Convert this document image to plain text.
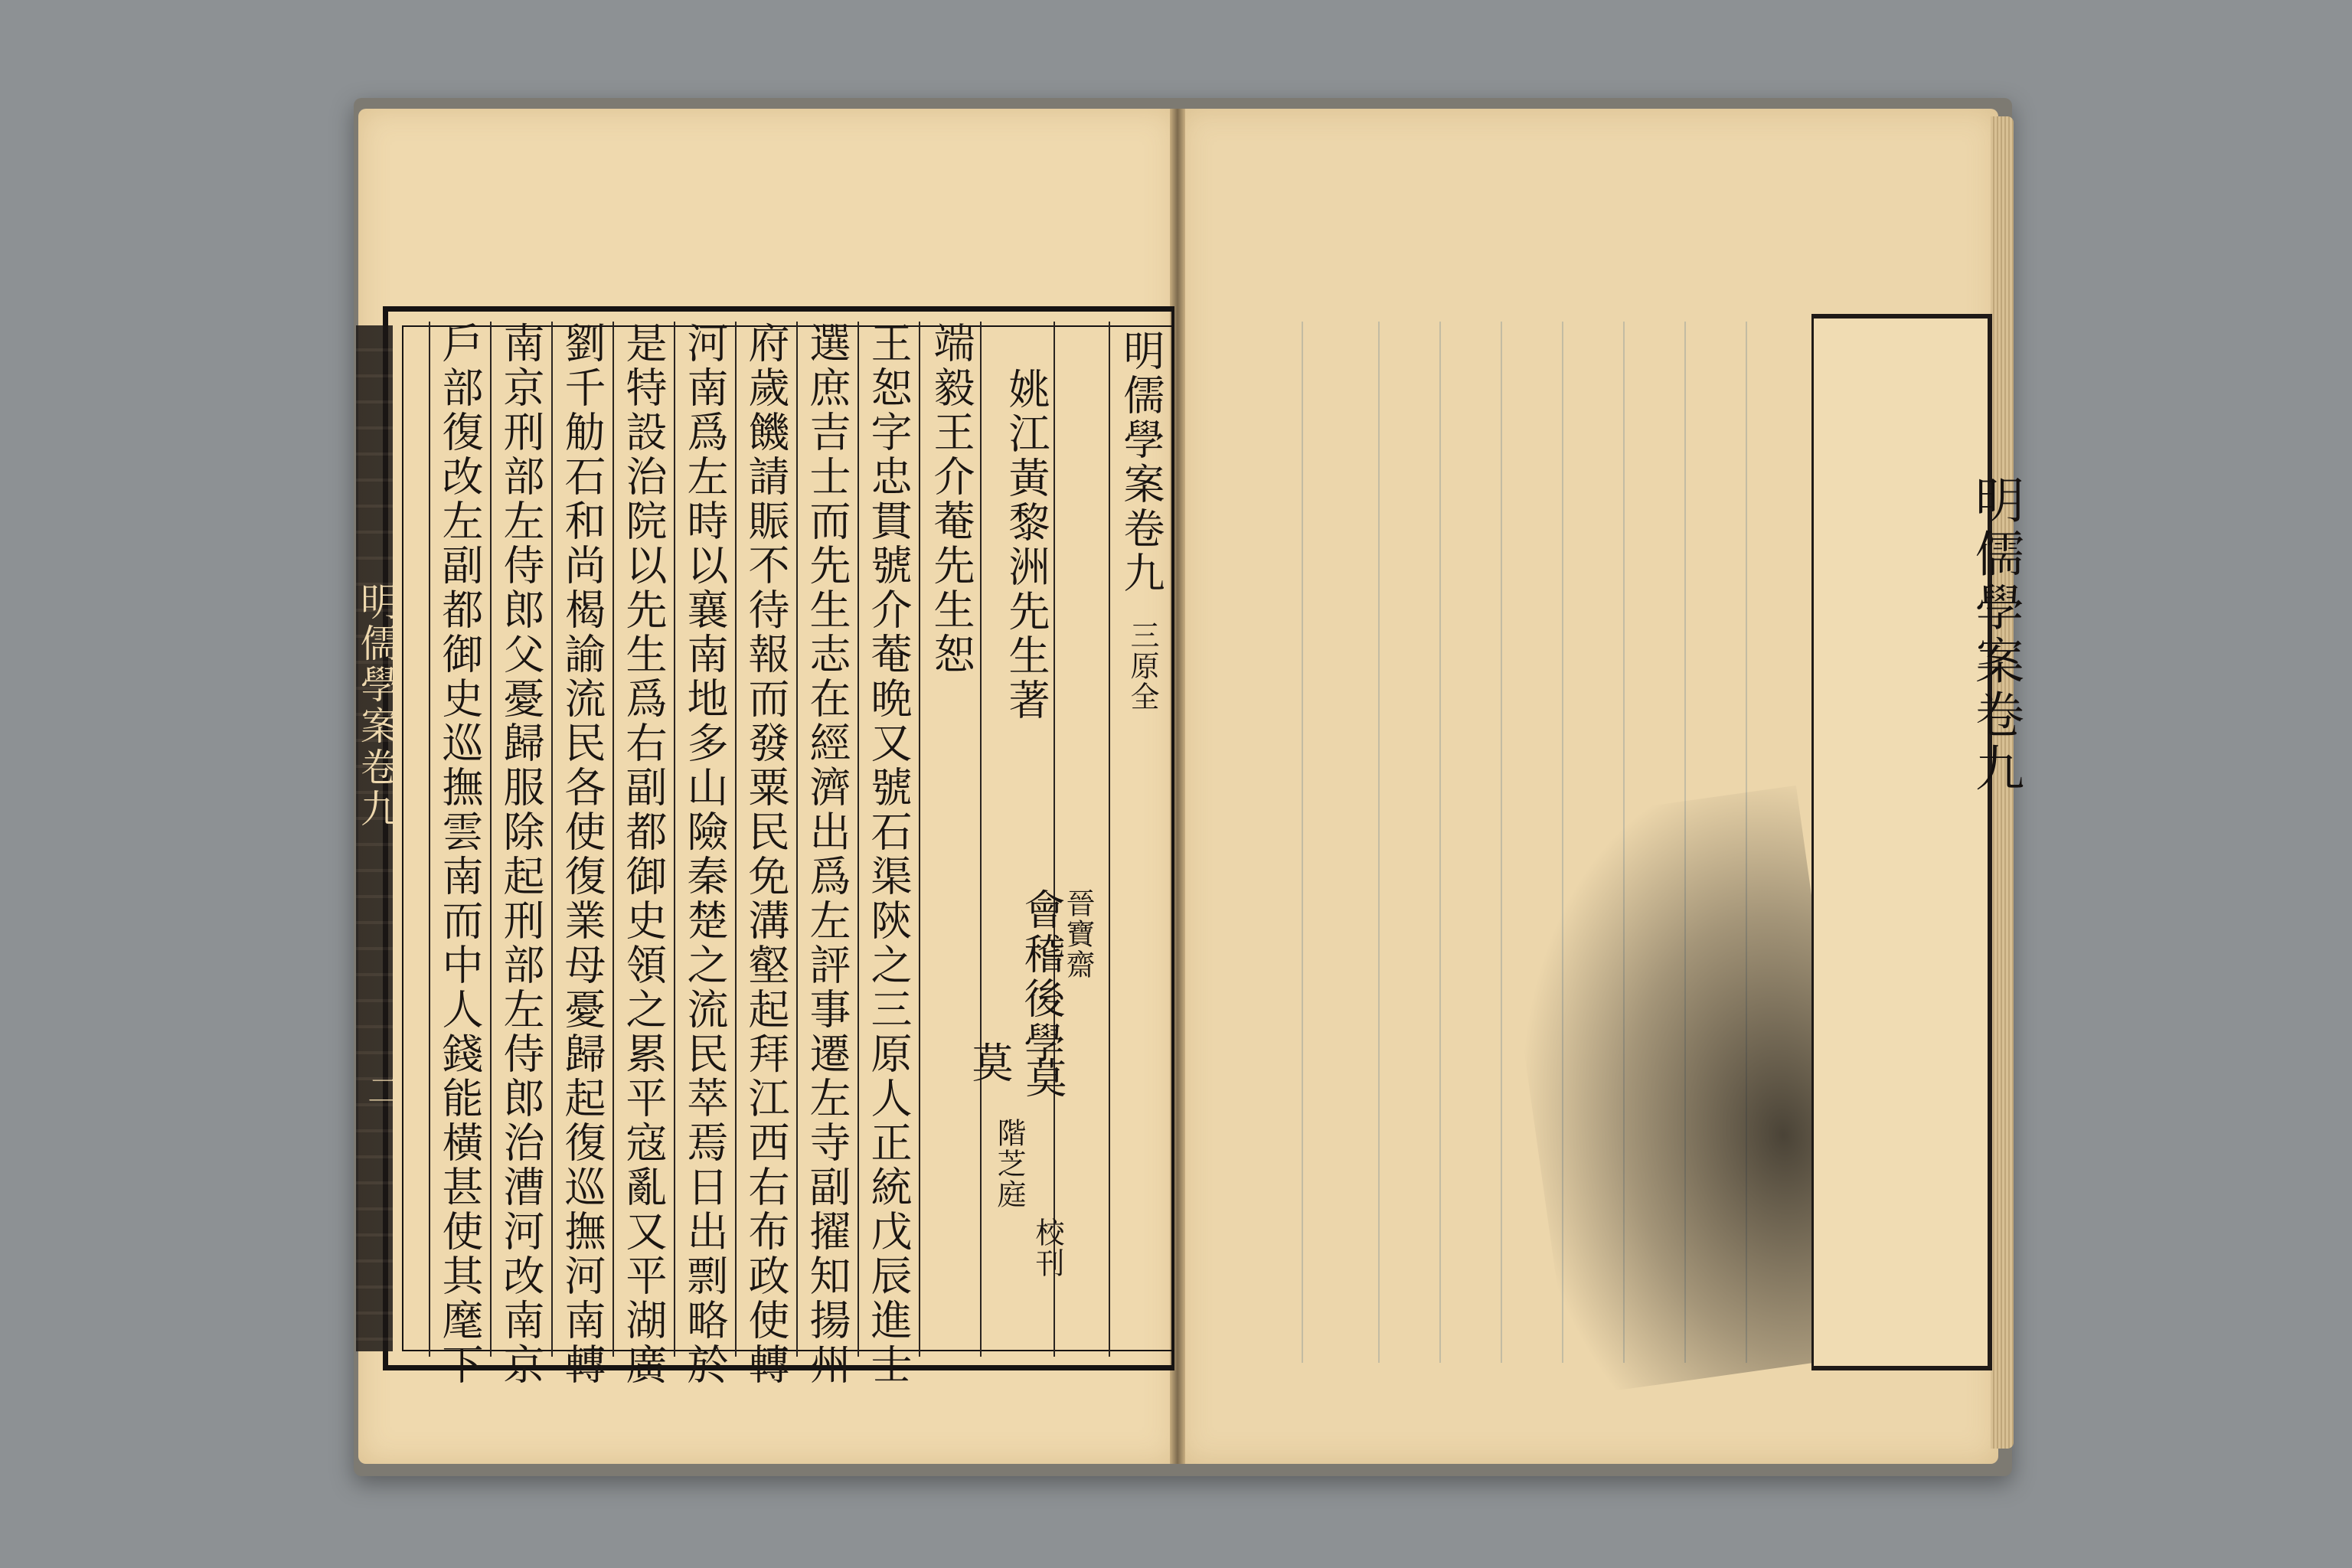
明儒學案卷九
三原全
姚江黃黎洲先生著
晉寶齋
會稽後學
莫
莫
階芝庭
校刊
端毅王介菴先生恕
王恕字忠貫號介菴晩又號石渠陝之三原人正統戊辰進士
選庶吉士而先生志在經濟出爲左評事遷左寺副擢知揚州
府歲饑請賑不待報而發粟民免溝壑起拜江西右布政使轉
河南爲左時以襄南地多山險秦楚之流民萃焉日出剽略於
是特設治院以先生爲右副都御史領之累平寇亂又平湖廣
劉千觔石和尚楬諭流民各使復業母憂歸起復巡撫河南轉
南京刑部左侍郎父憂歸服除起刑部左侍郎治漕河改南京
戶部復改左副都御史巡撫雲南而中人錢能橫甚使其麾下
明儒學案卷九
二
明儒學案卷九
